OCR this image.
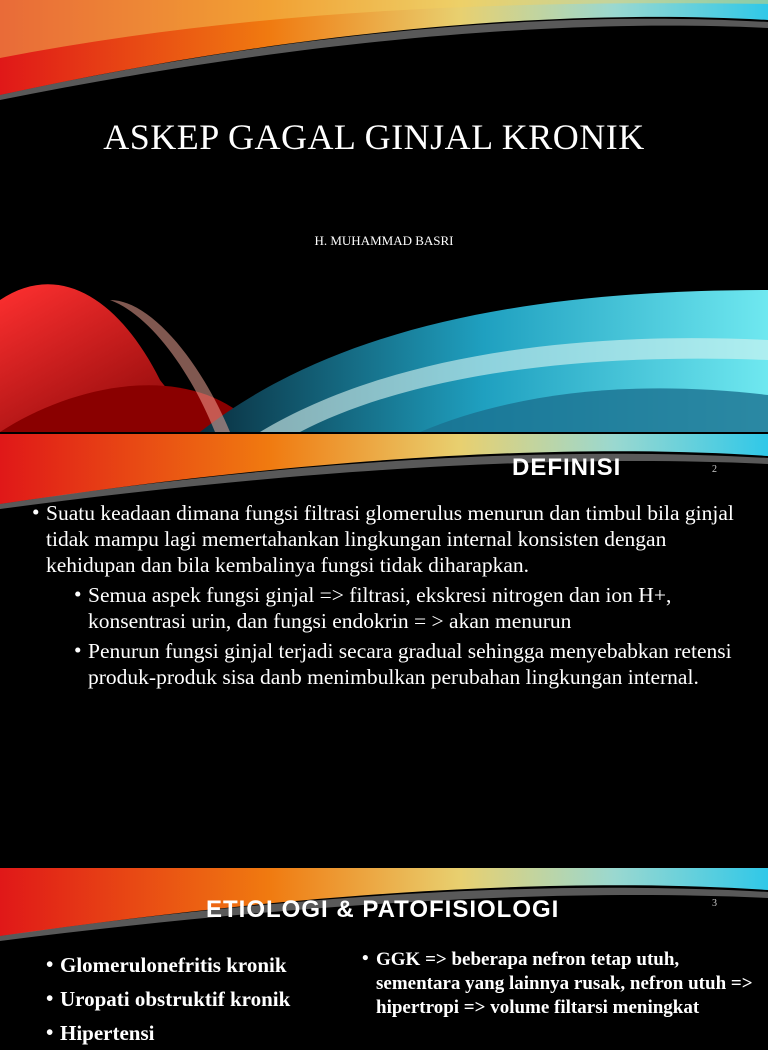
ASKEP GAGAL GINJAL KRONIK
H. MUHAMMAD BASRI
DEFINISI	2
• Suatu keadaan dimana fungsi filtrasi glomerulus menurun dan timbul bila ginjal tidak mampu lagi memertahankan lingkungan internal konsisten dengan kehidupan dan bila kembalinya fungsi tidak diharapkan.
• Semua aspek fungsi ginjal => filtrasi, ekskresi nitrogen dan ion H+, konsentrasi urin, dan fungsi endokrin = > akan menurun
• Penurun fungsi ginjal terjadi secara gradual sehingga menyebabkan retensi produk-produk sisa danb menimbulkan perubahan lingkungan internal.
ETIOLOGI & PATOFISIOLOGI	3
• Glomerulonefritis kronik
• Uropati obstruktif kronik
• Hipertensi
• GGK => beberapa nefron tetap utuh, sementara yang lainnya rusak, nefron utuh => hipertropi => volume filtarsi meningkat
